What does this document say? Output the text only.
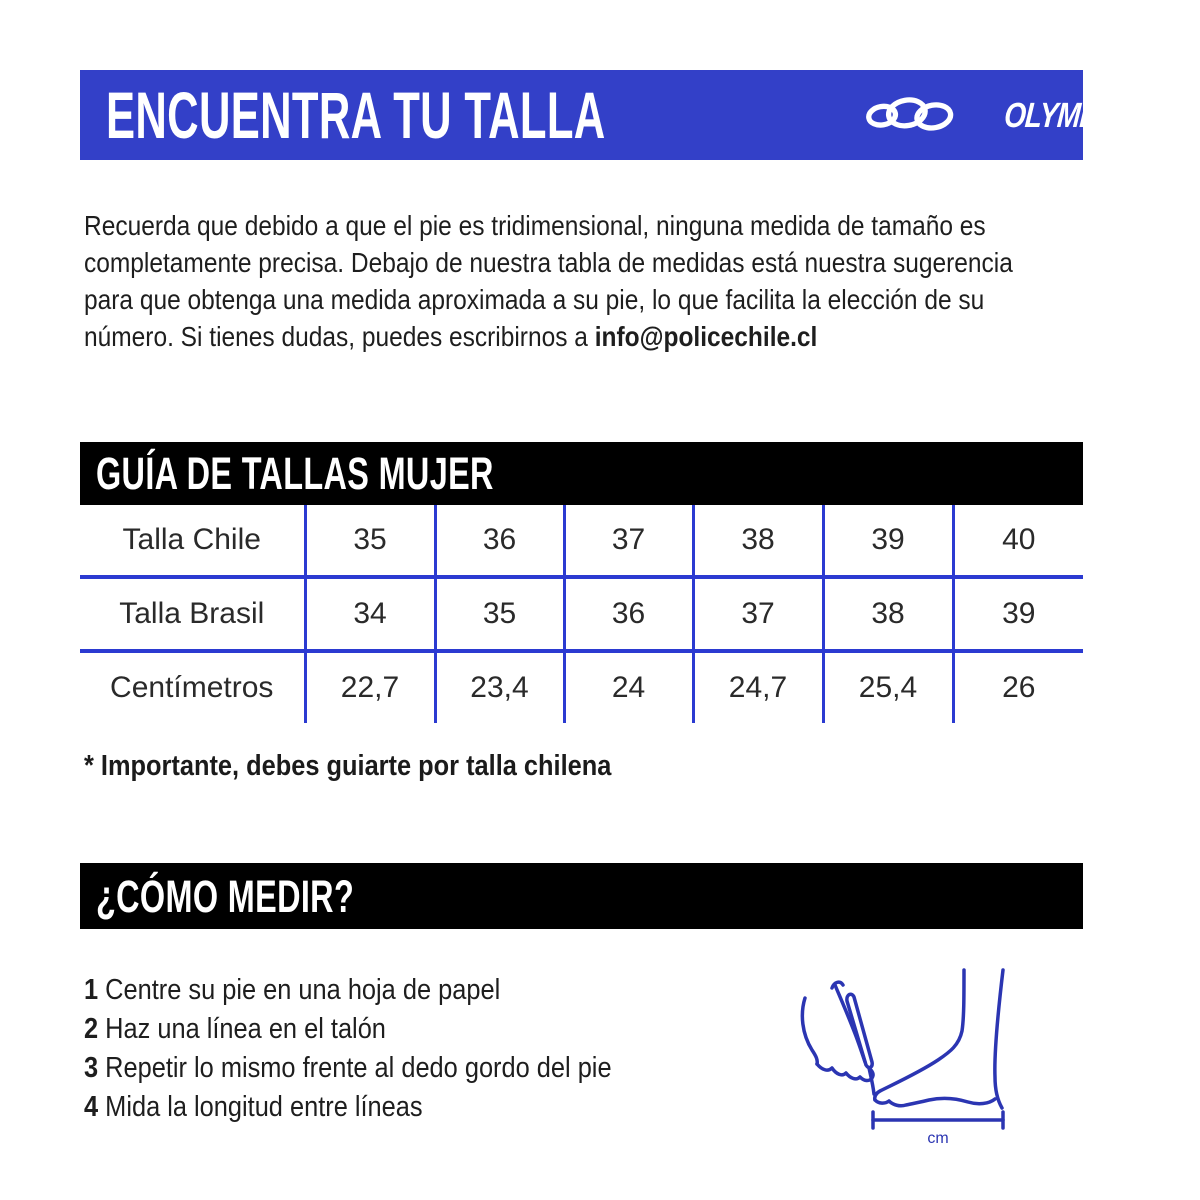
ENCUENTRA TU TALLA	OLYMPIKUS
Recuerda que debido a que el pie es tridimensional, ninguna medida de tamaño es
completamente precisa. Debajo de nuestra tabla de medidas está nuestra sugerencia
para que obtenga una medida aproximada a su pie, lo que facilita la elección de su
número. Si tienes dudas, puedes escribirnos a info@policechile.cl
GUÍA DE TALLAS MUJER
Talla Chile	35	36	37	38	39	40
Talla Brasil	34	35	36	37	38	39
Centímetros	22,7	23,4	24	24,7	25,4	26
* Importante, debes guiarte por talla chilena
¿CÓMO MEDIR?
1 Centre su pie en una hoja de papel
2 Haz una línea en el talón
3 Repetir lo mismo frente al dedo gordo del pie
4 Mida la longitud entre líneas
cm
